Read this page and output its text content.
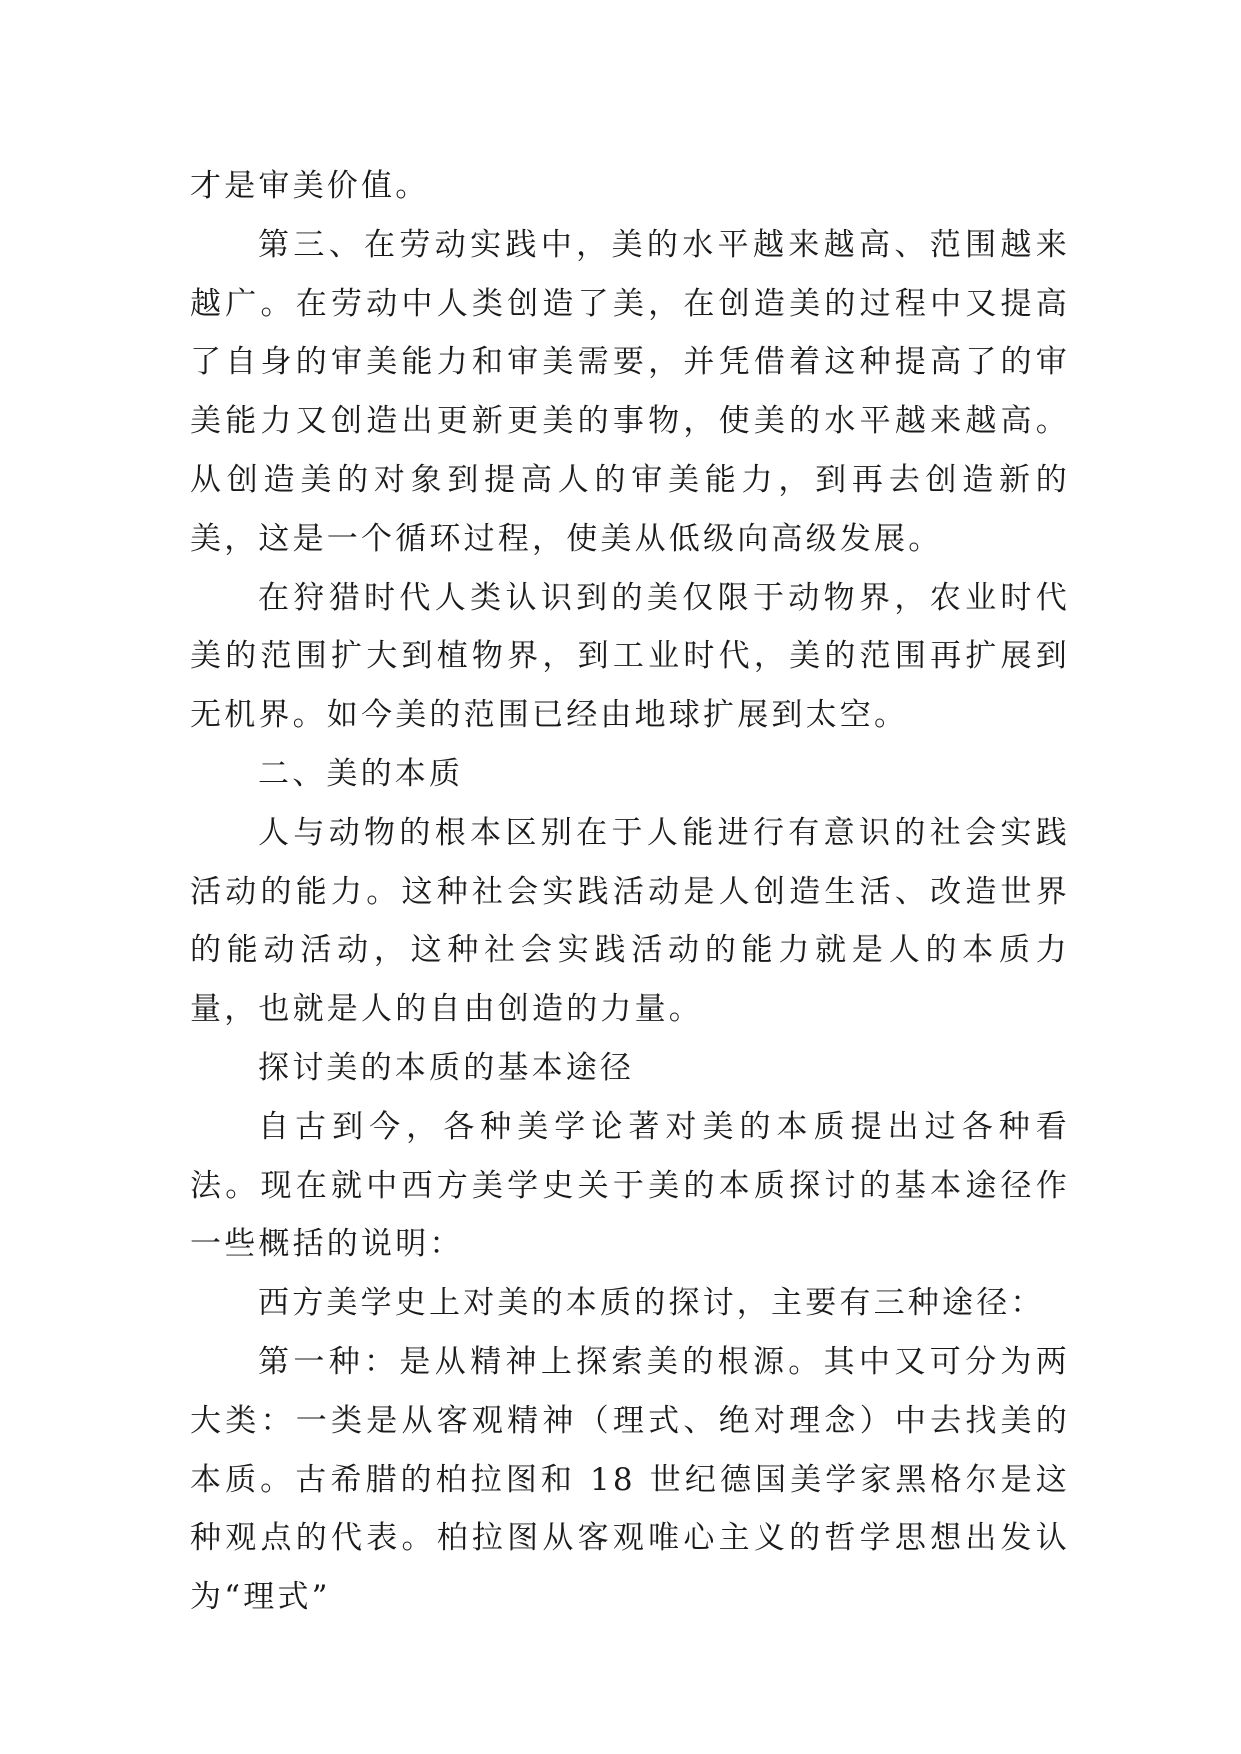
才是审美价值。

第三、在劳动实践中，美的水平越来越高、范围越来越广。在劳动中人类创造了美，在创造美的过程中又提高了自身的审美能力和审美需要，并凭借着这种提高了的审美能力又创造出更新更美的事物，使美的水平越来越高。从创造美的对象到提高人的审美能力，到再去创造新的美，这是一个循环过程，使美从低级向高级发展。

在狩猎时代人类认识到的美仅限于动物界，农业时代美的范围扩大到植物界，到工业时代，美的范围再扩展到无机界。如今美的范围已经由地球扩展到太空。

二、美的本质

人与动物的根本区别在于人能进行有意识的社会实践活动的能力。这种社会实践活动是人创造生活、改造世界的能动活动，这种社会实践活动的能力就是人的本质力量，也就是人的自由创造的力量。

探讨美的本质的基本途径

自古到今，各种美学论著对美的本质提出过各种看法。现在就中西方美学史关于美的本质探讨的基本途径作一些概括的说明：

西方美学史上对美的本质的探讨，主要有三种途径：

第一种：是从精神上探索美的根源。其中又可分为两大类：一类是从客观精神（理式、绝对理念）中去找美的本质。古希腊的柏拉图和 18 世纪德国美学家黑格尔是这种观点的代表。柏拉图从客观唯心主义的哲学思想出发认为“理式”
